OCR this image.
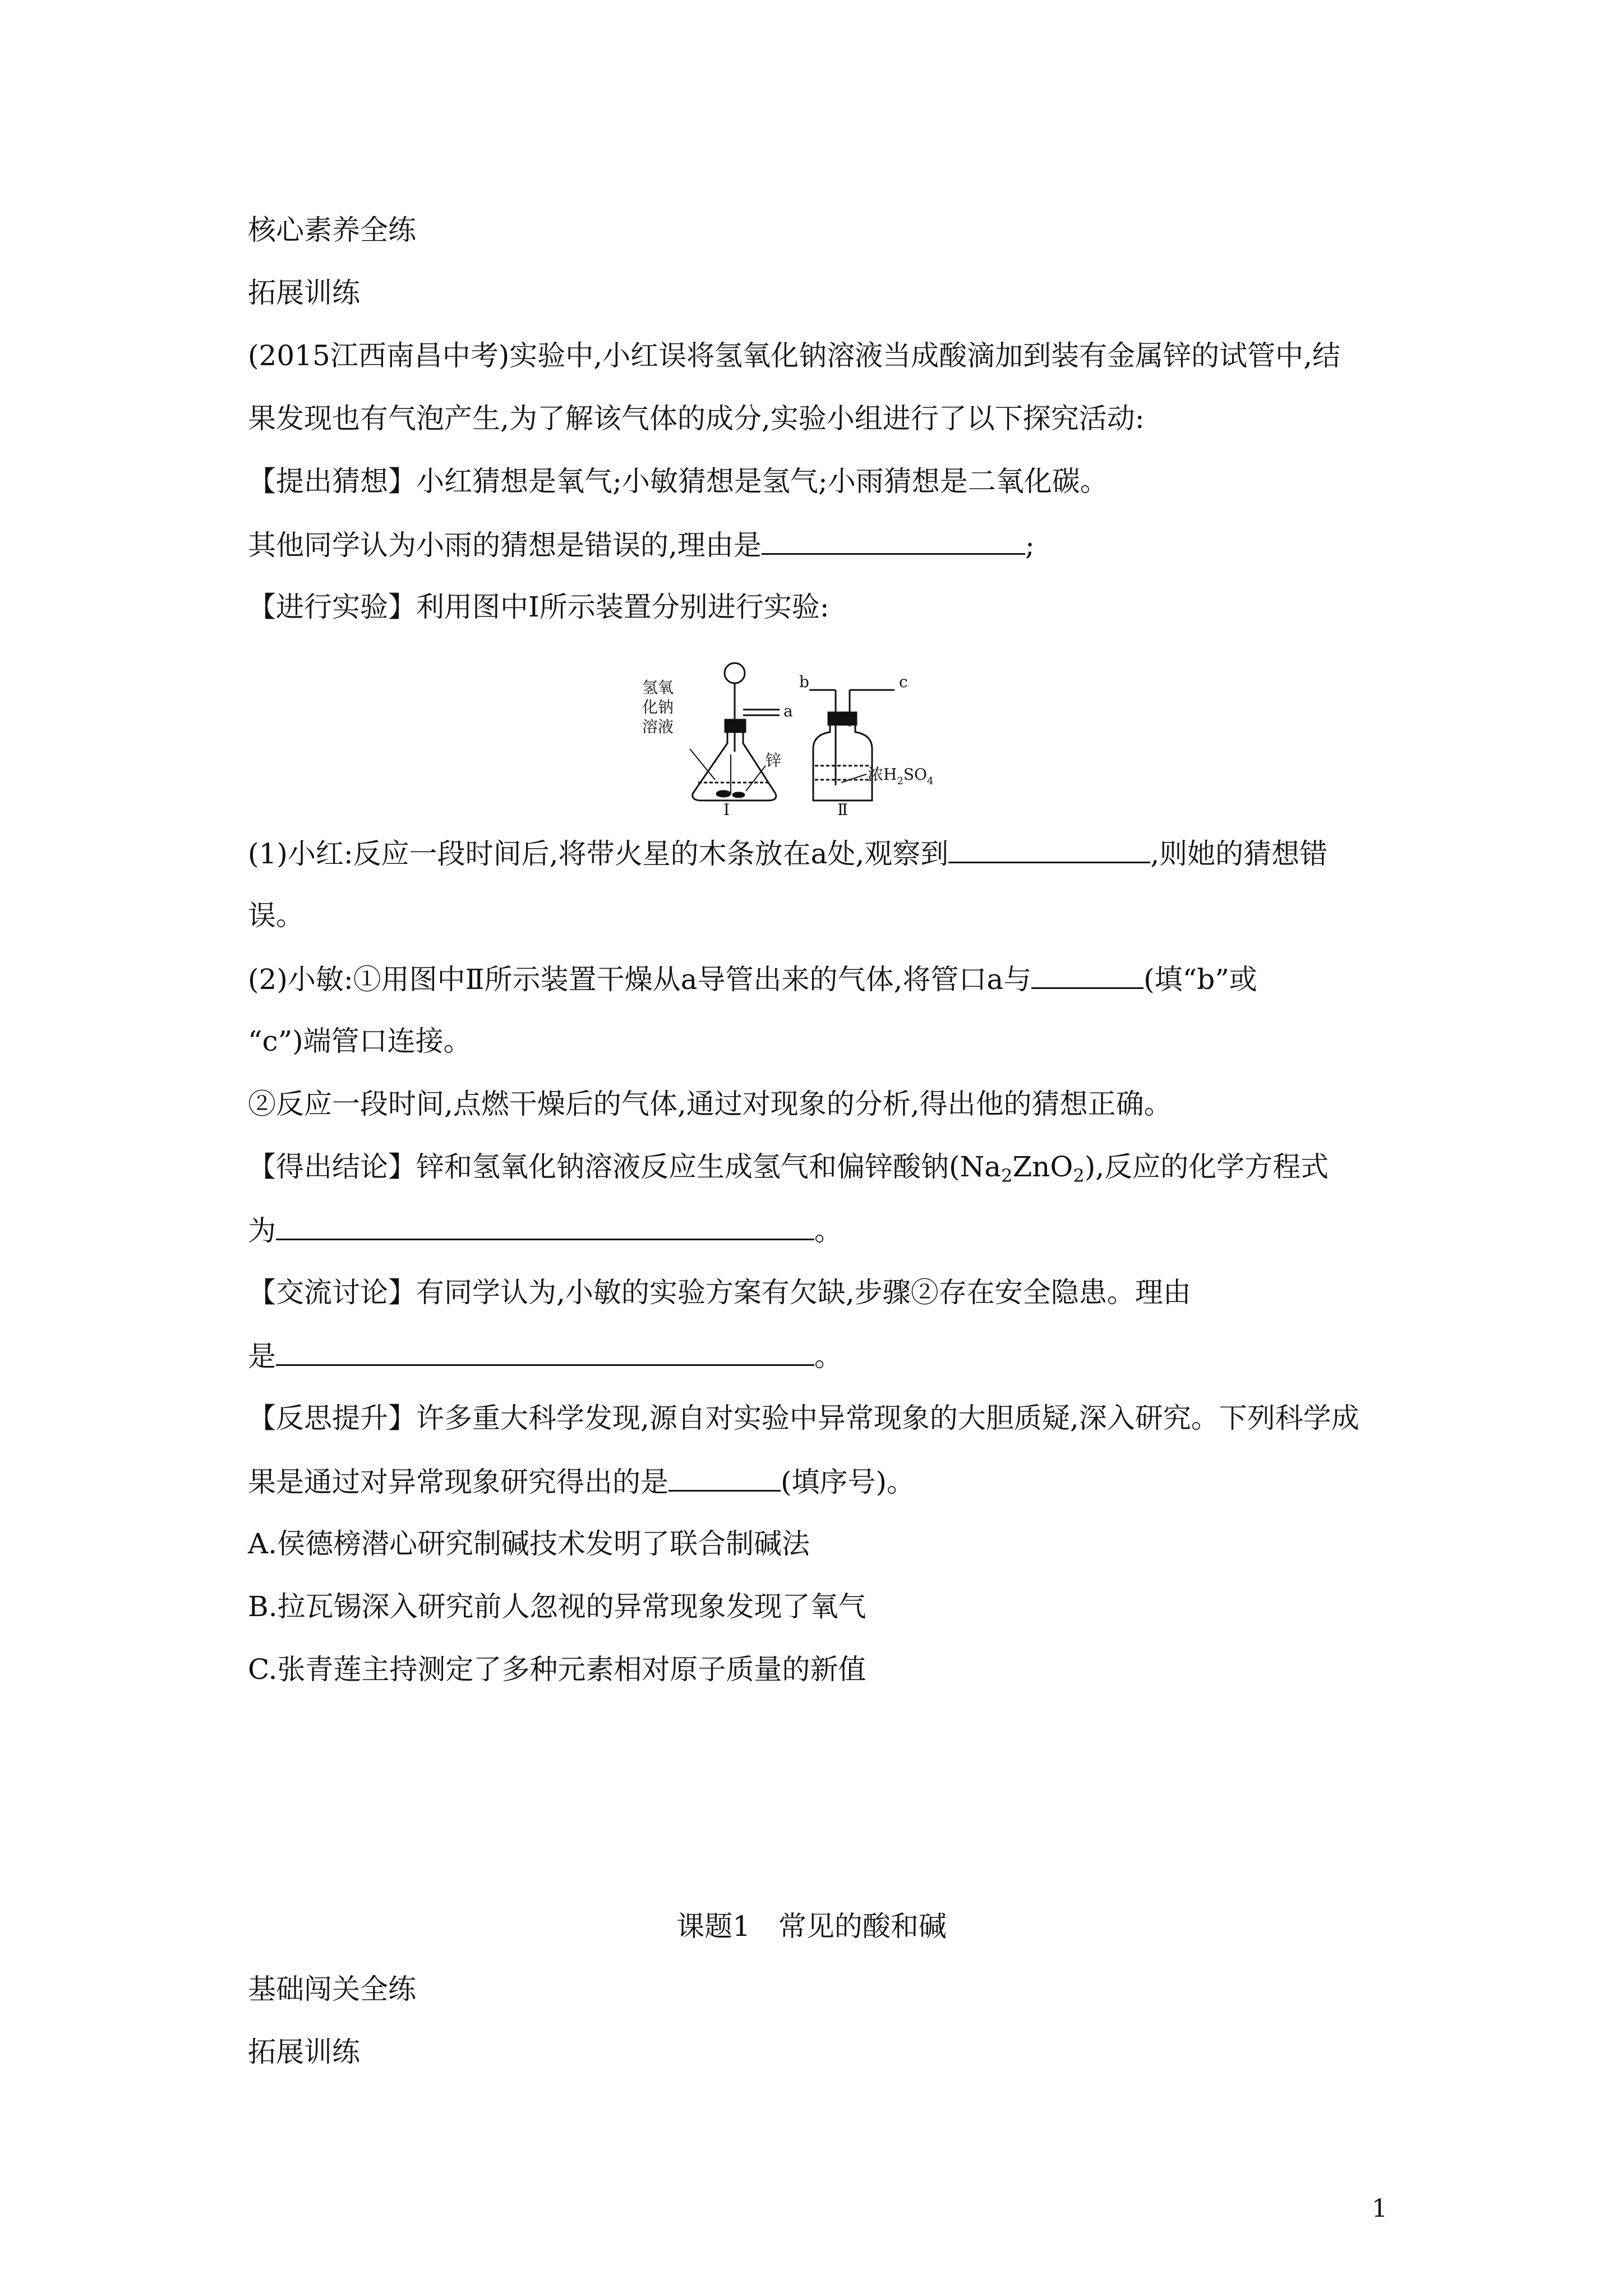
核心素养全练
拓展训练
(2015江西南昌中考)实验中,小红误将氢氧化钠溶液当成酸滴加到装有金属锌的试管中,结
果发现也有气泡产生,为了解该气体的成分,实验小组进行了以下探究活动:
【提出猜想】小红猜想是氧气;小敏猜想是氢气;小雨猜想是二氧化碳。
其他同学认为小雨的猜想是错误的,理由是	;
【进行实验】利用图中Ⅰ所示装置分别进行实验:
氢氧
化钠
溶液
锌
a
Ⅰ
b	c
浓$H_2SO_4$
Ⅱ
(1)小红:反应一段时间后,将带火星的木条放在a处,观察到	,则她的猜想错
误。
(2)小敏:①用图中Ⅱ所示装置干燥从a导管出来的气体,将管口a与	(填“b”或
“c”)端管口连接。
②反应一段时间,点燃干燥后的气体,通过对现象的分析,得出他的猜想正确。
【得出结论】锌和氢氧化钠溶液反应生成氢气和偏锌酸钠$(Na_2ZnO_2)$,反应的化学方程式
为	。
【交流讨论】有同学认为,小敏的实验方案有欠缺,步骤②存在安全隐患。理由
是	。
【反思提升】许多重大科学发现,源自对实验中异常现象的大胆质疑,深入研究。下列科学成
果是通过对异常现象研究得出的是	(填序号)。
A.侯德榜潜心研究制碱技术发明了联合制碱法
B.拉瓦锡深入研究前人忽视的异常现象发现了氧气
C.张青莲主持测定了多种元素相对原子质量的新值
课题1　常见的酸和碱
基础闯关全练
拓展训练
1
